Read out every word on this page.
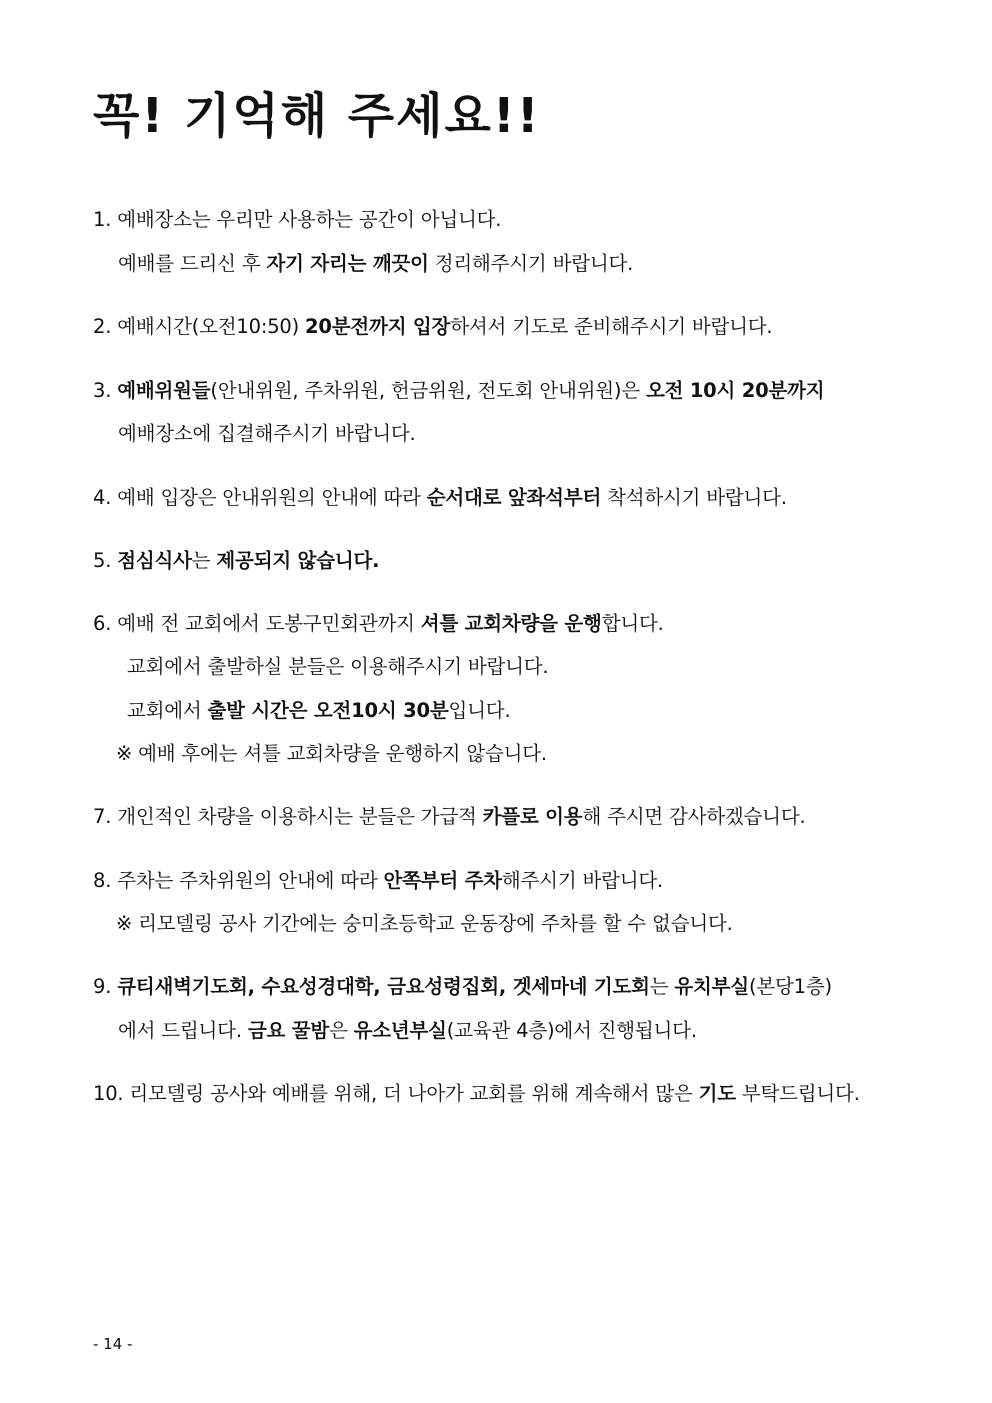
꼭! 기억해 주세요!!
1. 예배장소는 우리만 사용하는 공간이 아닙니다.
예배를 드리신 후 자기 자리는 깨끗이 정리해주시기 바랍니다.
2. 예배시간(오전10:50) 20분전까지 입장하셔서 기도로 준비해주시기 바랍니다.
3. 예배위원들(안내위원, 주차위원, 헌금위원, 전도회 안내위원)은 오전 10시 20분까지
예배장소에 집결해주시기 바랍니다.
4. 예배 입장은 안내위원의 안내에 따라 순서대로 앞좌석부터 착석하시기 바랍니다.
5. 점심식사는 제공되지 않습니다.
6. 예배 전 교회에서 도봉구민회관까지 셔틀 교회차량을 운행합니다.
교회에서 출발하실 분들은 이용해주시기 바랍니다.
교회에서 출발 시간은 오전10시 30분입니다.
※ 예배 후에는 셔틀 교회차량을 운행하지 않습니다.
7. 개인적인 차량을 이용하시는 분들은 가급적 카플로 이용해 주시면 감사하겠습니다.
8. 주차는 주차위원의 안내에 따라 안쪽부터 주차해주시기 바랍니다.
※ 리모델링 공사 기간에는 숭미초등학교 운동장에 주차를 할 수 없습니다.
9. 큐티새벽기도회, 수요성경대학, 금요성령집회, 겟세마네 기도회는 유치부실(본당1층)
에서 드립니다. 금요 꿀밤은 유소년부실(교육관 4층)에서 진행됩니다.
10. 리모델링 공사와 예배를 위해, 더 나아가 교회를 위해 계속해서 많은 기도 부탁드립니다.
- 14 -
